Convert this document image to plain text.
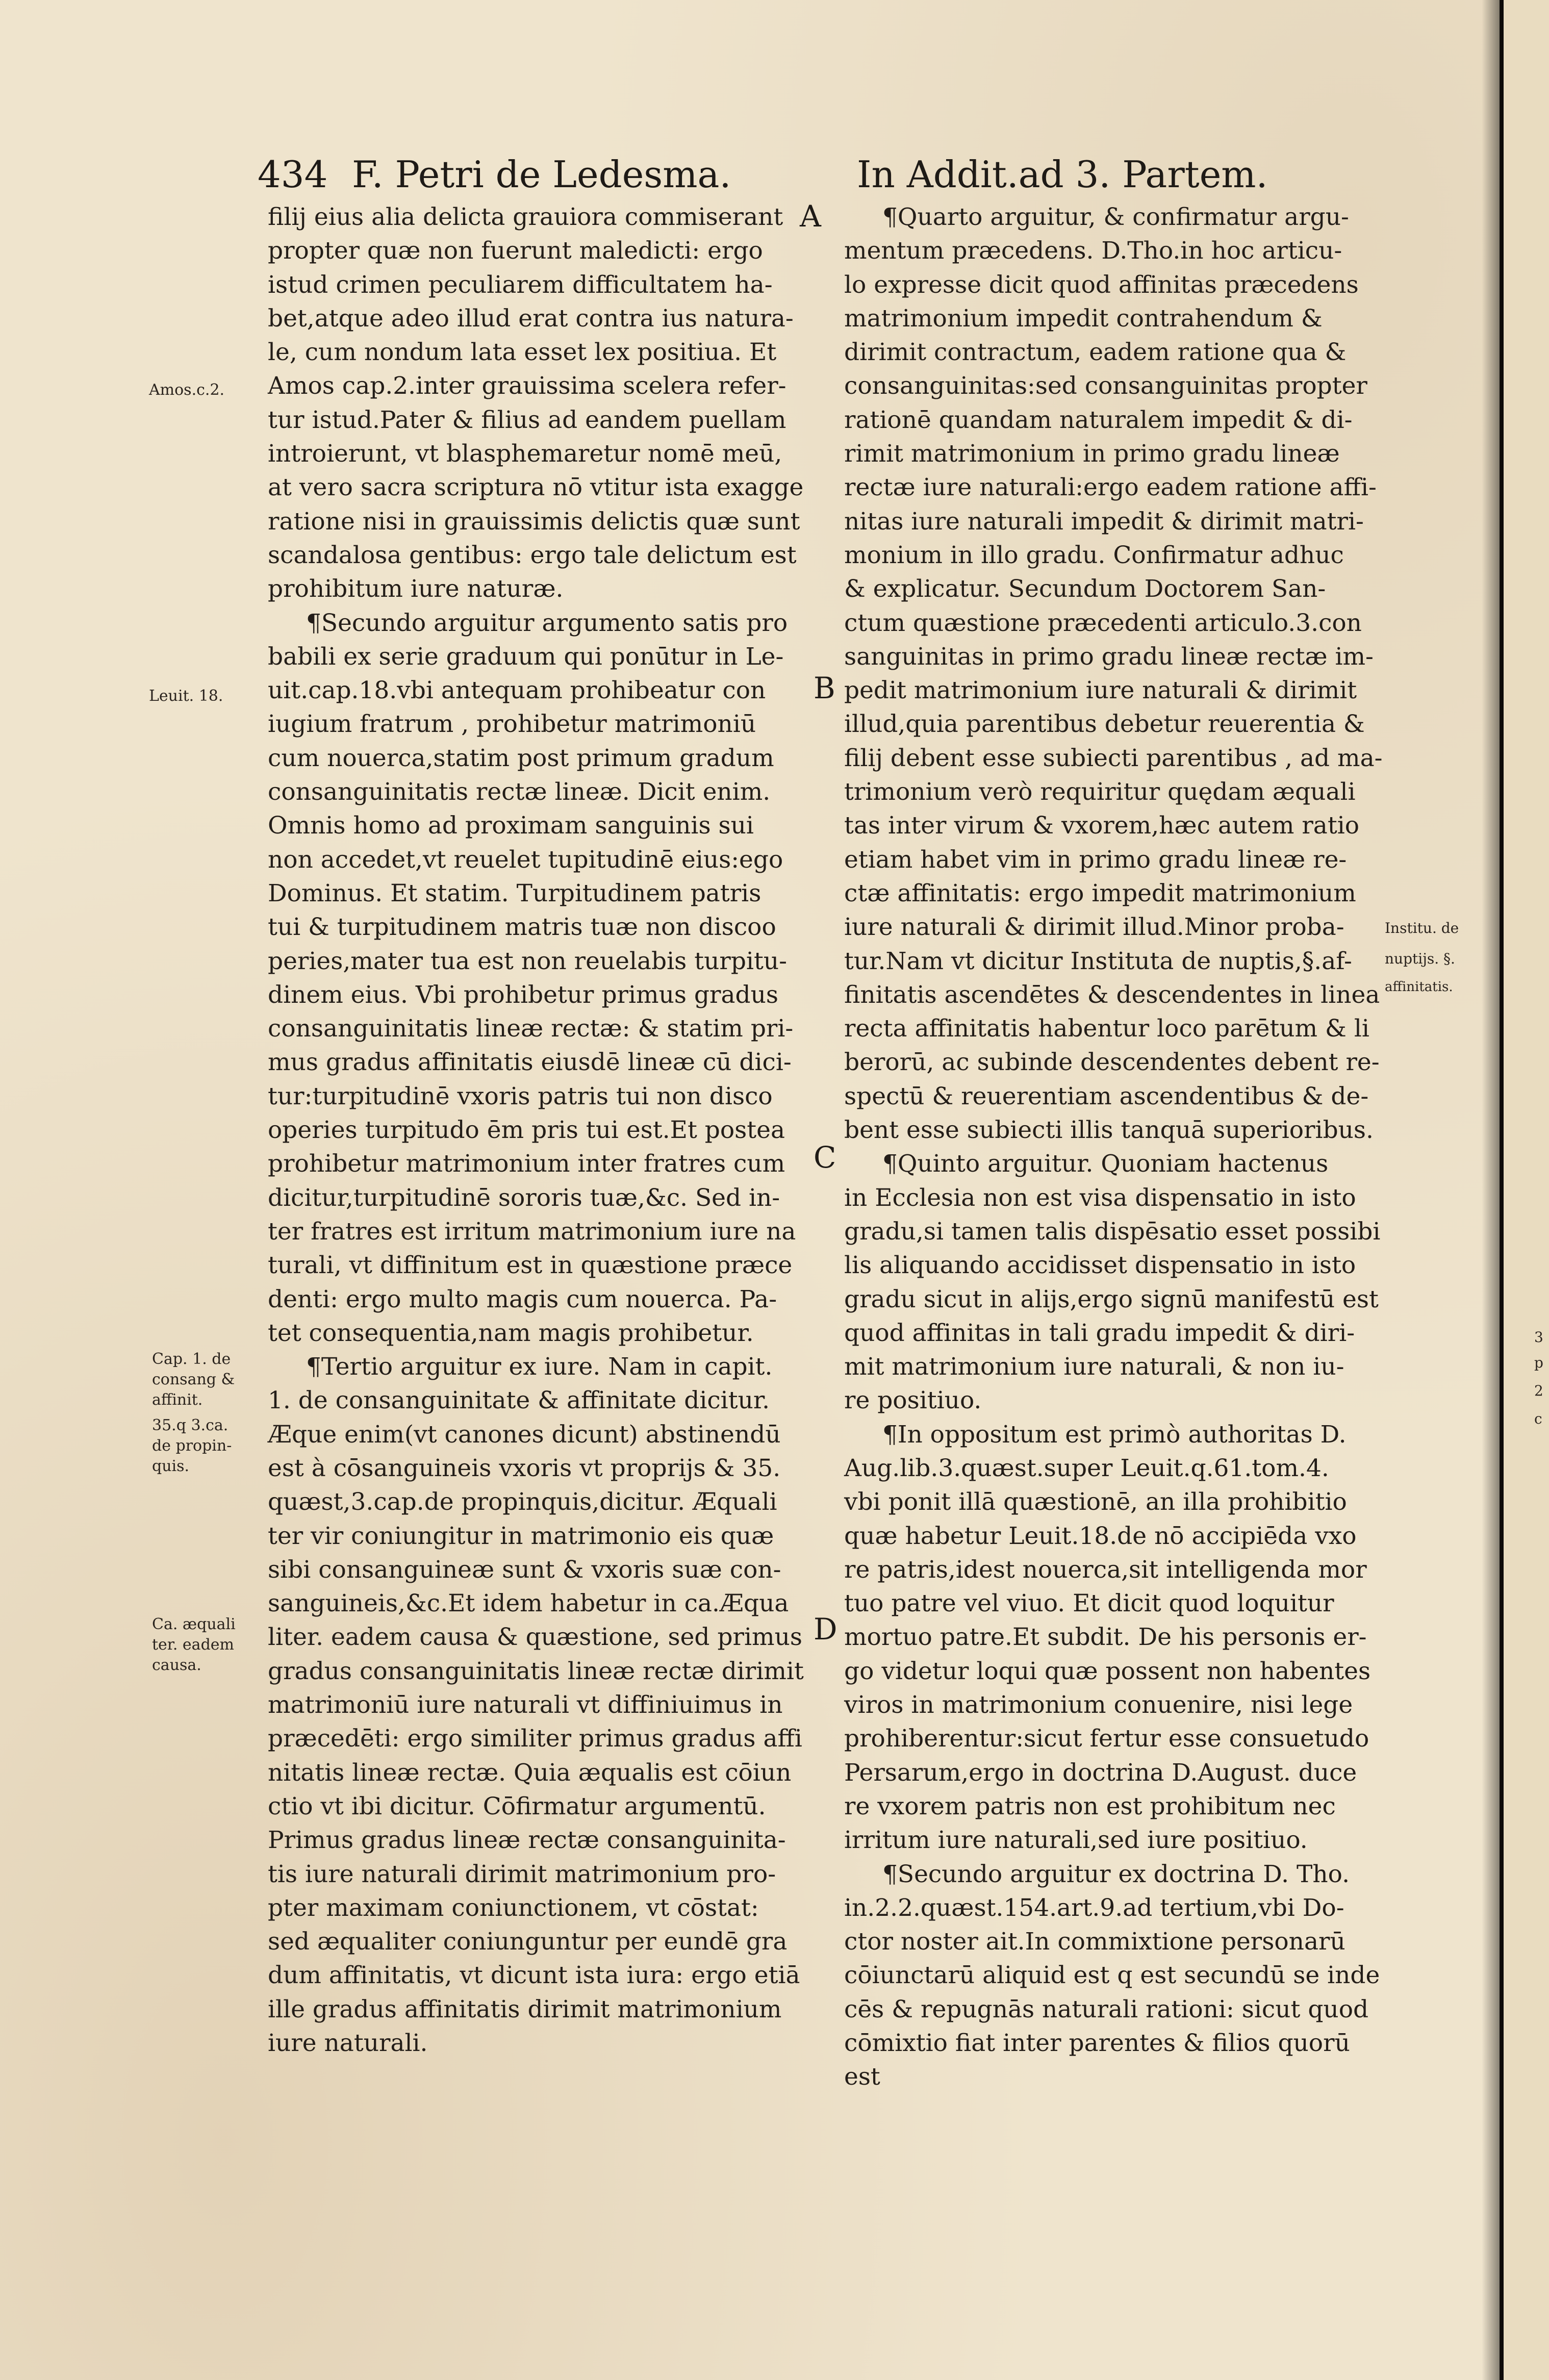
434 F. Petri de Ledesma.	In Addit.ad 3. Partem.
filij eius alia delicta grauiora commiserant
propter quæ non fuerunt maledicti: ergo
istud crimen peculiarem difficultatem ha-
bet,atque adeo illud erat contra ius natura-
le, cum nondum lata esset lex positiua. Et
Amos cap.2.inter grauissima scelera refer-
tur istud.Pater & filius ad eandem puellam
introierunt, vt blasphemaretur nomē meū,
at vero sacra scriptura nō vtitur ista exagge
ratione nisi in grauissimis delictis quæ sunt
scandalosa gentibus: ergo tale delictum est
prohibitum iure naturæ.
¶Secundo arguitur argumento satis pro
babili ex serie graduum qui ponūtur in Le-
uit.cap.18.vbi antequam prohibeatur con
iugium fratrum , prohibetur matrimoniū
cum nouerca,statim post primum gradum
consanguinitatis rectæ lineæ. Dicit enim.
Omnis homo ad proximam sanguinis sui
non accedet,vt reuelet tupitudinē eius:ego
Dominus. Et statim. Turpitudinem patris
tui & turpitudinem matris tuæ non discoo
peries,mater tua est non reuelabis turpitu-
dinem eius. Vbi prohibetur primus gradus
consanguinitatis lineæ rectæ: & statim pri-
mus gradus affinitatis eiusdē lineæ cū dici-
tur:turpitudinē vxoris patris tui non disco
operies turpitudo ēm pris tui est.Et postea
prohibetur matrimonium inter fratres cum
dicitur,turpitudinē sororis tuæ,&c. Sed in-
ter fratres est irritum matrimonium iure na
turali, vt diffinitum est in quæstione præce
denti: ergo multo magis cum nouerca. Pa-
tet consequentia,nam magis prohibetur.
¶Tertio arguitur ex iure. Nam in capit.
1. de consanguinitate & affinitate dicitur.
Æque enim(vt canones dicunt) abstinendū
est à cōsanguineis vxoris vt proprijs & 35.
quæst,3.cap.de propinquis,dicitur. Æquali
ter vir coniungitur in matrimonio eis quæ
sibi consanguineæ sunt & vxoris suæ con-
sanguineis,&c.Et idem habetur in ca.Æqua
liter. eadem causa & quæstione, sed primus
gradus consanguinitatis lineæ rectæ dirimit
matrimoniū iure naturali vt diffiniuimus in
præcedēti: ergo similiter primus gradus affi
nitatis lineæ rectæ. Quia æqualis est cōiun
ctio vt ibi dicitur. Cōfirmatur argumentū.
Primus gradus lineæ rectæ consanguinita-
tis iure naturali dirimit matrimonium pro-
pter maximam coniunctionem, vt cōstat:
sed æqualiter coniunguntur per eundē gra
dum affinitatis, vt dicunt ista iura: ergo etiā
ille gradus affinitatis dirimit matrimonium
iure naturali.
¶Quarto arguitur, & confirmatur argu-
mentum præcedens. D.Tho.in hoc articu-
lo expresse dicit quod affinitas præcedens
matrimonium impedit contrahendum &
dirimit contractum, eadem ratione qua &
consanguinitas:sed consanguinitas propter
rationē quandam naturalem impedit & di-
rimit matrimonium in primo gradu lineæ
rectæ iure naturali:ergo eadem ratione affi-
nitas iure naturali impedit & dirimit matri-
monium in illo gradu. Confirmatur adhuc
& explicatur. Secundum Doctorem San-
ctum quæstione præcedenti articulo.3.con
sanguinitas in primo gradu lineæ rectæ im-
pedit matrimonium iure naturali & dirimit
illud,quia parentibus debetur reuerentia &
filij debent esse subiecti parentibus , ad ma-
trimonium verò requiritur quędam æquali
tas inter virum & vxorem,hæc autem ratio
etiam habet vim in primo gradu lineæ re-
ctæ affinitatis: ergo impedit matrimonium
iure naturali & dirimit illud.Minor proba-
tur.Nam vt dicitur Instituta de nuptis,§.af-
finitatis ascendētes & descendentes in linea
recta affinitatis habentur loco parētum & li
berorū, ac subinde descendentes debent re-
spectū & reuerentiam ascendentibus & de-
bent esse subiecti illis tanquā superioribus.
¶Quinto arguitur. Quoniam hactenus
in Ecclesia non est visa dispensatio in isto
gradu,si tamen talis dispēsatio esset possibi
lis aliquando accidisset dispensatio in isto
gradu sicut in alijs,ergo signū manifestū est
quod affinitas in tali gradu impedit & diri-
mit matrimonium iure naturali, & non iu-
re positiuo.
¶In oppositum est primò authoritas D.
Aug.lib.3.quæst.super Leuit.q.61.tom.4.
vbi ponit illā quæstionē, an illa prohibitio
quæ habetur Leuit.18.de nō accipiēda vxo
re patris,idest nouerca,sit intelligenda mor
tuo patre vel viuo. Et dicit quod loquitur
mortuo patre.Et subdit. De his personis er-
go videtur loqui quæ possent non habentes
viros in matrimonium conuenire, nisi lege
prohiberentur:sicut fertur esse consuetudo
Persarum,ergo in doctrina D.August. duce
re vxorem patris non est prohibitum nec
irritum iure naturali,sed iure positiuo.
¶Secundo arguitur ex doctrina D. Tho.
in.2.2.quæst.154.art.9.ad tertium,vbi Do-
ctor noster ait.In commixtione personarū
cōiunctarū aliquid est q est secundū se inde
cēs & repugnās naturali rationi: sicut quod
cōmixtio fiat inter parentes & filios quorū
est
Amos.c.2.
Leuit. 18.
Cap. 1. de
consang &
affinit.
35.q 3.ca.
de propin-
quis.
Ca. æquali
ter. eadem
causa.
Institu. de
nuptijs. §.
affinitatis.
A
B
C
D
3
p
2
c
